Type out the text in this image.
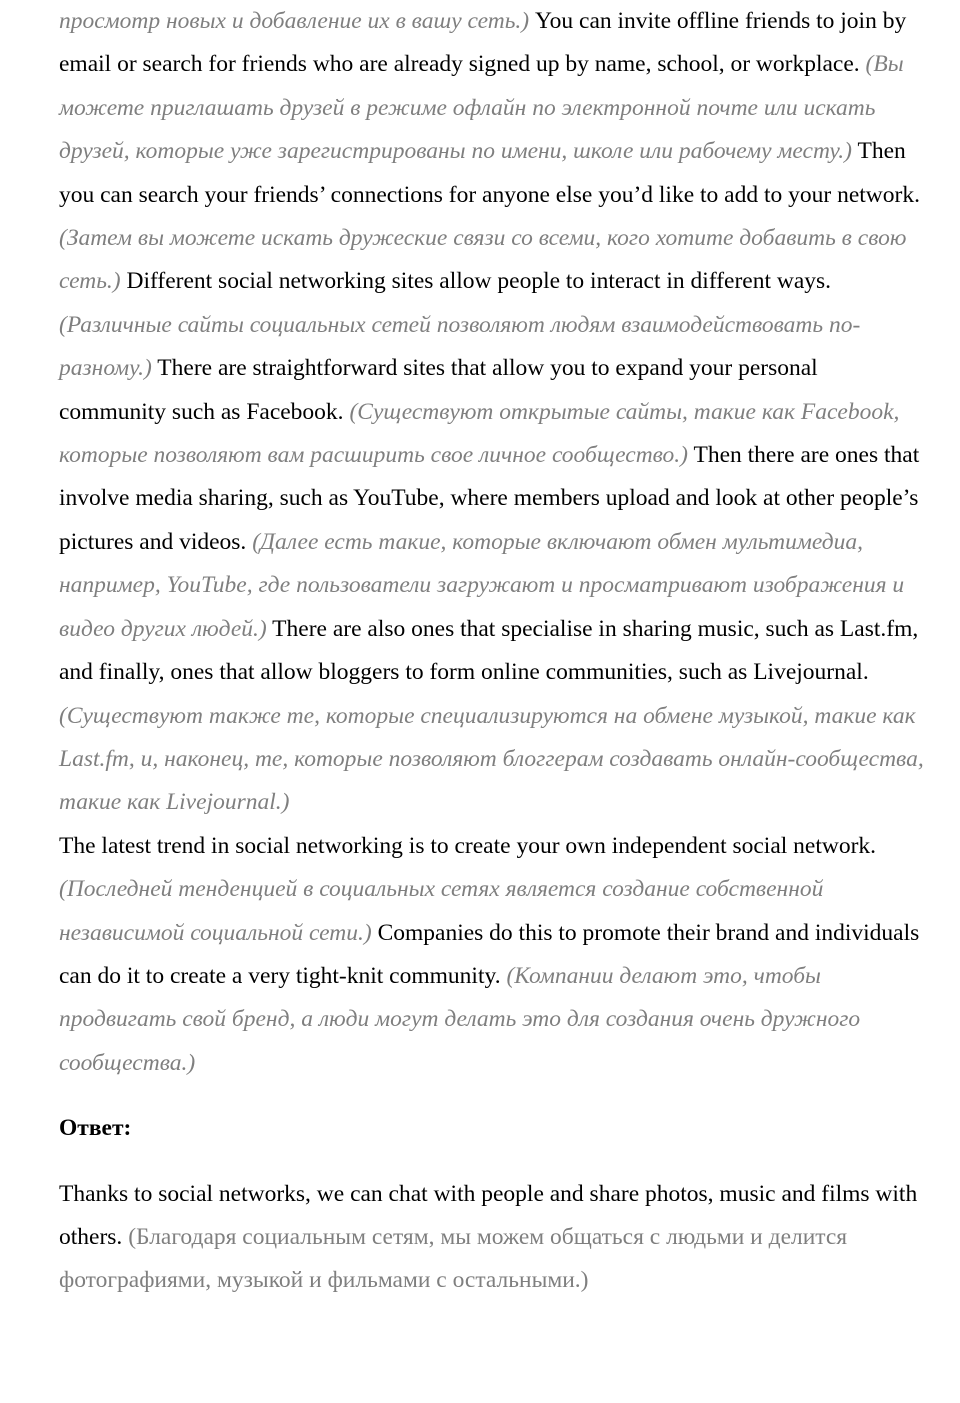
просмотр новых и добавление их в вашу сеть.) You can invite offline friends to join by email or search for friends who are already signed up by name, school, or workplace. (Вы можете приглашать друзей в режиме офлайн по электронной почте или искать друзей, которые уже зарегистрированы по имени, школе или рабочему месту.) Then you can search your friends’ connections for anyone else you’d like to add to your network. (Затем вы можете искать дружеские связи со всеми, кого хотите добавить в свою сеть.) Different social networking sites allow people to interact in different ways. (Различные сайты социальных сетей позволяют людям взаимодействовать по-разному.) There are straightforward sites that allow you to expand your personal community such as Facebook. (Существуют открытые сайты, такие как Facebook, которые позволяют вам расширить свое личное сообщество.) Then there are ones that involve media sharing, such as YouTube, where members upload and look at other people’s pictures and videos. (Далее есть такие, которые включают обмен мультимедиа, например, YouTube, где пользователи загружают и просматривают изображения и видео других людей.) There are also ones that specialise in sharing music, such as Last.fm, and finally, ones that allow bloggers to form online communities, such as Livejournal. (Существуют также те, которые специализируются на обмене музыкой, такие как Last.fm, и, наконец, те, которые позволяют блоггерам создавать онлайн-сообщества, такие как Livejournal.)

The latest trend in social networking is to create your own independent social network. (Последней тенденцией в социальных сетях является создание собственной независимой социальной сети.) Companies do this to promote their brand and individuals can do it to create a very tight-knit community. (Компании делают это, чтобы продвигать свой бренд, а люди могут делать это для создания очень дружного сообщества.)

Ответ:

Thanks to social networks, we can chat with people and share photos, music and films with others. (Благодаря социальным сетям, мы можем общаться с людьми и делится фотографиями, музыкой и фильмами с остальными.)
